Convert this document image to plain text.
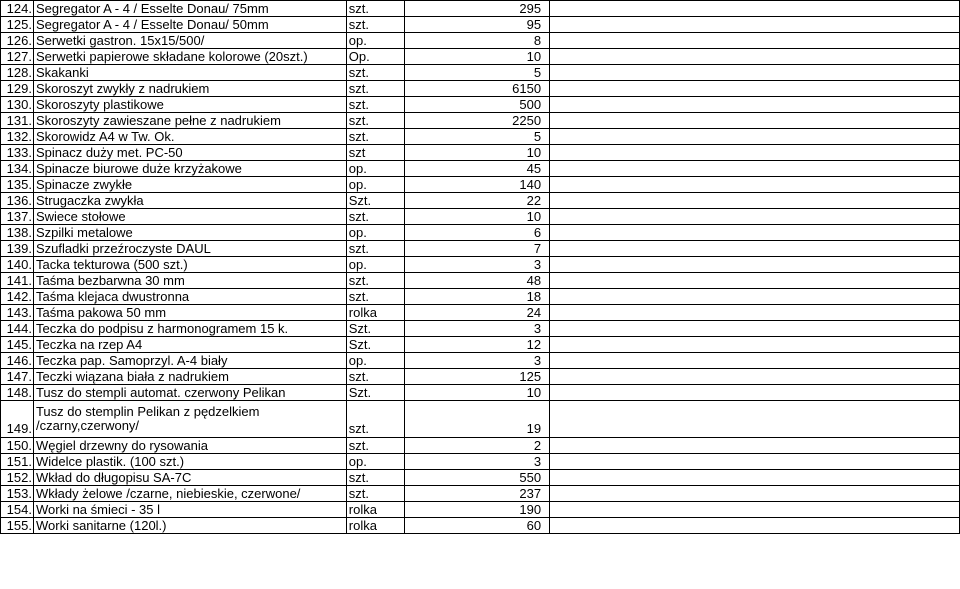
124.	Segregator A - 4 / Esselte Donau/ 75mm	szt.	295	
125.	Segregator A - 4 / Esselte Donau/ 50mm	szt.	95	
126.	Serwetki gastron. 15x15/500/	op.	8	
127.	Serwetki papierowe składane kolorowe (20szt.)	Op.	10	
128.	Skakanki	szt.	5	
129.	Skoroszyt zwykły z nadrukiem	szt.	6150	
130.	Skoroszyty plastikowe	szt.	500	
131.	Skoroszyty zawieszane pełne z nadrukiem	szt.	2250	
132.	Skorowidz A4 w Tw. Ok.	szt.	5	
133.	Spinacz duży met. PC-50	szt	10	
134.	Spinacze biurowe duże krzyżakowe	op.	45	
135.	Spinacze zwykłe	op.	140	
136.	Strugaczka zwykła	Szt.	22	
137.	Swiece stołowe	szt.	10	
138.	Szpilki metalowe	op.	6	
139.	Szufladki przeźroczyste DAUL	szt.	7	
140.	Tacka tekturowa (500 szt.)	op.	3	
141.	Taśma bezbarwna 30 mm	szt.	48	
142.	Taśma klejaca dwustronna	szt.	18	
143.	Taśma pakowa 50 mm	rolka	24	
144.	Teczka do podpisu z harmonogramem 15 k.	Szt.	3	
145.	Teczka na rzep A4	Szt.	12	
146.	Teczka pap. Samoprzyl. A-4 biały	op.	3	
147.	Teczki wiązana biała z nadrukiem	szt.	125	
148.	Tusz do stempli automat. czerwony Pelikan	Szt.	10	
149.	Tusz do stemplin Pelikan z pędzelkiem /czarny,czerwony/	szt.	19	
150.	Węgiel drzewny do rysowania	szt.	2	
151.	Widelce plastik. (100 szt.)	op.	3	
152.	Wkład do długopisu SA-7C	szt.	550	
153.	Wkłady żelowe /czarne, niebieskie, czerwone/	szt.	237	
154.	Worki na śmieci - 35 l	rolka	190	
155.	Worki sanitarne (120l.)	rolka	60	
